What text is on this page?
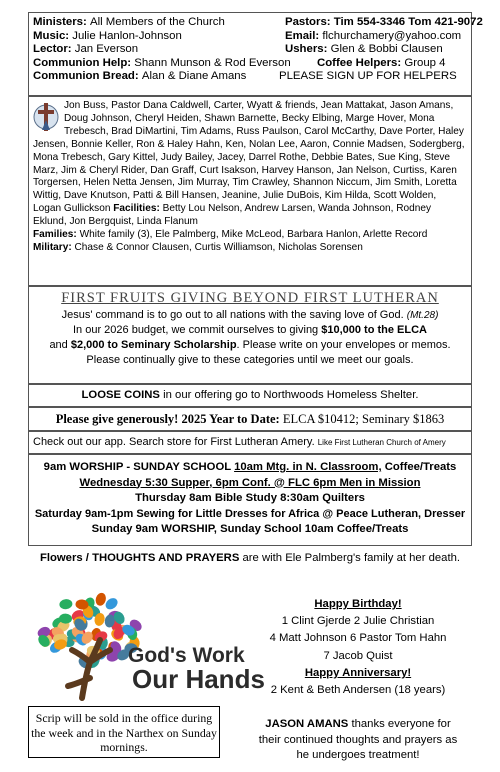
Ministers: All Members of the Church	Pastors: Tim 554-3346 Tom 421-9072
Music: Julie Hanlon-Johnson	Email: flchurchamery@yahoo.com
Lector: Jan Everson	Ushers: Glen & Bobbi Clausen
Communion Help: Shann Munson & Rod Everson Coffee Helpers: Group 4
Communion Bread: Alan & Diane Amans	PLEASE SIGN UP FOR HELPERS
Jon Buss, Pastor Dana Caldwell, Carter, Wyatt & friends, Jean Mattakat, Jason Amans, Doug Johnson, Cheryl Heiden, Shawn Barnette, Becky Elbing, Marge Hover, Mona Trebesch, Brad DiMartini, Tim Adams, Russ Paulson, Carol McCarthy, Dave Porter, Haley Jensen, Bonnie Keller, Ron & Haley Hahn, Ken, Nolan Lee, Aaron, Connie Madsen, Sodergberg, Mona Trebesch, Gary Kittel, Judy Bailey, Jacey, Darrel Rothe, Debbie Bates, Sue King, Steve Marz, Jim & Cheryl Rider, Dan Graff, Curt Isakson, Harvey Hanson, Jan Nelson, Curtiss, Karen Torgersen, Helen Netta Jensen, Jim Murray, Tim Crawley, Shannon Niccum, Jim Smith, Loretta Wittig, Dave Knutson, Patti & Bill Hansen, Jeanine, Julie DuBois, Kim Hilda, Scott Wolden, Logan Gullickson Facilities: Betty Lou Nelson, Andrew Larsen, Wanda Johnson, Rodney Eklund, Jon Bergquist, Linda Flanum
Families: White family (3), Ele Palmberg, Mike McLeod, Barbara Hanlon, Arlette Record
Military: Chase & Connor Clausen, Curtis Williamson, Nicholas Sorensen
FIRST FRUITS GIVING BEYOND FIRST LUTHERAN
Jesus' command is to go out to all nations with the saving love of God. (Mt.28)
In our 2026 budget, we commit ourselves to giving $10,000 to the ELCA
and $2,000 to Seminary Scholarship. Please write on your envelopes or memos.
Please continually give to these categories until we meet our goals.
LOOSE COINS in our offering go to Northwoods Homeless Shelter.
Please give generously! 2025 Year to Date: ELCA $10412; Seminary $1863
Check out our app. Search store for First Lutheran Amery. Like First Lutheran Church of Amery
9am WORSHIP - SUNDAY SCHOOL 10am Mtg. in N. Classroom, Coffee/Treats
Wednesday 5:30 Supper, 6pm Conf. @ FLC 6pm Men in Mission
Thursday 8am Bible Study 8:30am Quilters
Saturday 9am-1pm Sewing for Little Dresses for Africa @ Peace Lutheran, Dresser
Sunday 9am WORSHIP, Sunday School 10am Coffee/Treats
Flowers / THOUGHTS AND PRAYERS are with Ele Palmberg's family at her death.
God's Work
Our Hands
Happy Birthday!
1 Clint Gjerde 2 Julie Christian
4 Matt Johnson 6 Pastor Tom Hahn
7 Jacob Quist
Happy Anniversary!
2 Kent & Beth Andersen (18 years)
Scrip will be sold in the office during the week and in the Narthex on Sunday mornings.
JASON AMANS thanks everyone for their continued thoughts and prayers as he undergoes treatment!
